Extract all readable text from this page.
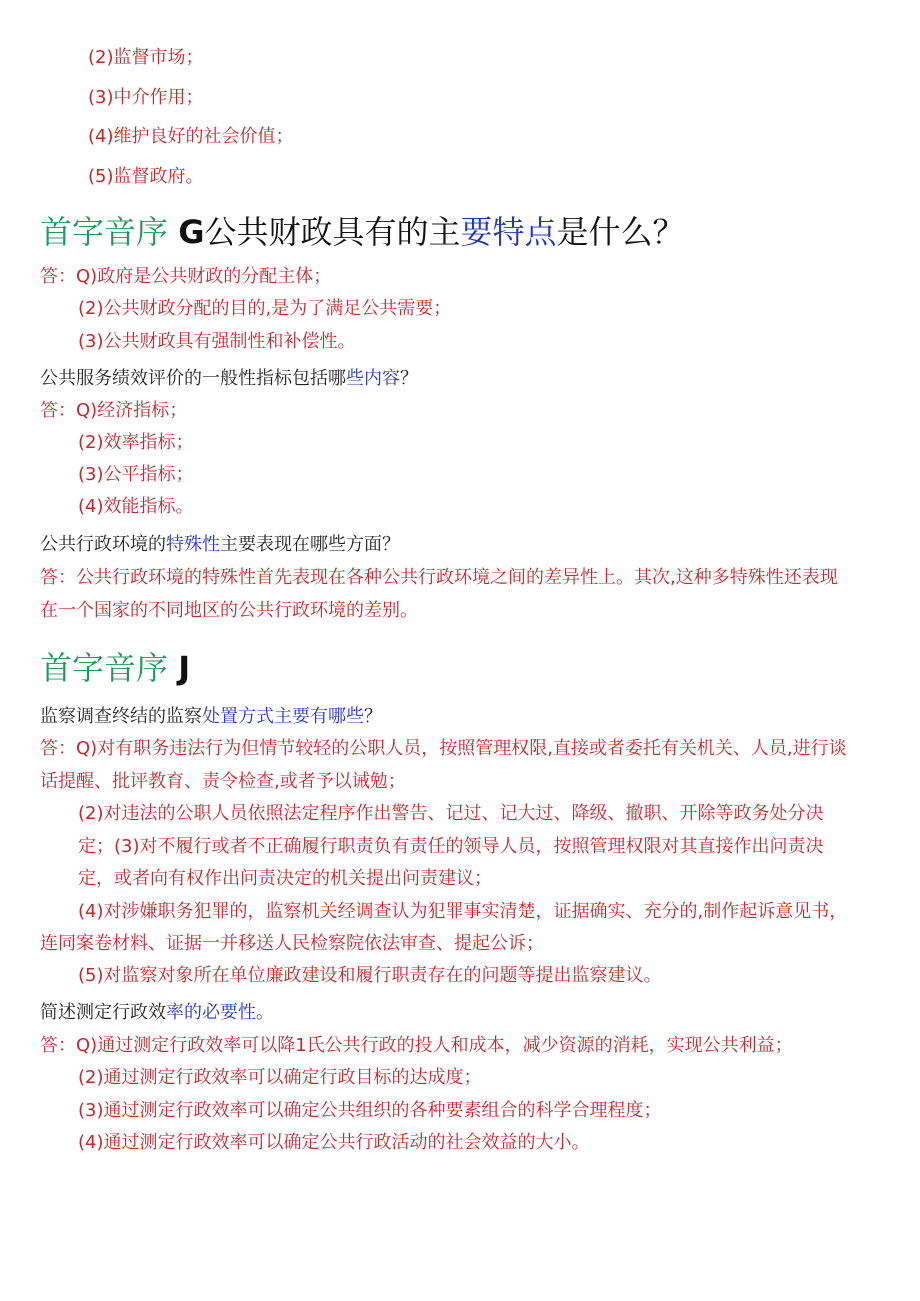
(2)监督市场；
(3)中介作用；
(4)维护良好的社会价值；
(5)监督政府。
首字音序 G公共财政具有的主要特点是什么？
答：Q)政府是公共财政的分配主体；
(2)公共财政分配的目的,是为了满足公共需要；
(3)公共财政具有强制性和补偿性。
公共服务绩效评价的一般性指标包括哪些内容？
答：Q)经济指标；
(2)效率指标；
(3)公平指标；
(4)效能指标。
公共行政环境的特殊性主要表现在哪些方面？
答：公共行政环境的特殊性首先表现在各种公共行政环境之间的差异性上。其次,这种多特殊性还表现
在一个国家的不同地区的公共行政环境的差别。
首字音序 J
监察调查终结的监察处置方式主要有哪些？
答：Q)对有职务违法行为但情节较轻的公职人员，按照管理权限,直接或者委托有关机关、人员,进行谈
话提醒、批评教育、责令检查,或者予以诫勉；
(2)对违法的公职人员依照法定程序作出警告、记过、记大过、降级、撤职、开除等政务处分决
定；(3)对不履行或者不正确履行职责负有责任的领导人员，按照管理权限对其直接作出问责决
定，或者向有权作出问责决定的机关提出问责建议；
(4)对涉嫌职务犯罪的，监察机关经调查认为犯罪事实清楚，证据确实、充分的,制作起诉意见书，
连同案卷材料、证据一并移送人民检察院依法审查、提起公诉；
(5)对监察对象所在单位廉政建设和履行职责存在的问题等提出监察建议。
简述测定行政效率的必要性。
答：Q)通过测定行政效率可以降1氏公共行政的投人和成本，减少资源的消耗，实现公共利益；
(2)通过测定行政效率可以确定行政目标的达成度；
(3)通过测定行政效率可以确定公共组织的各种要素组合的科学合理程度；
(4)通过测定行政效率可以确定公共行政活动的社会效益的大小。
